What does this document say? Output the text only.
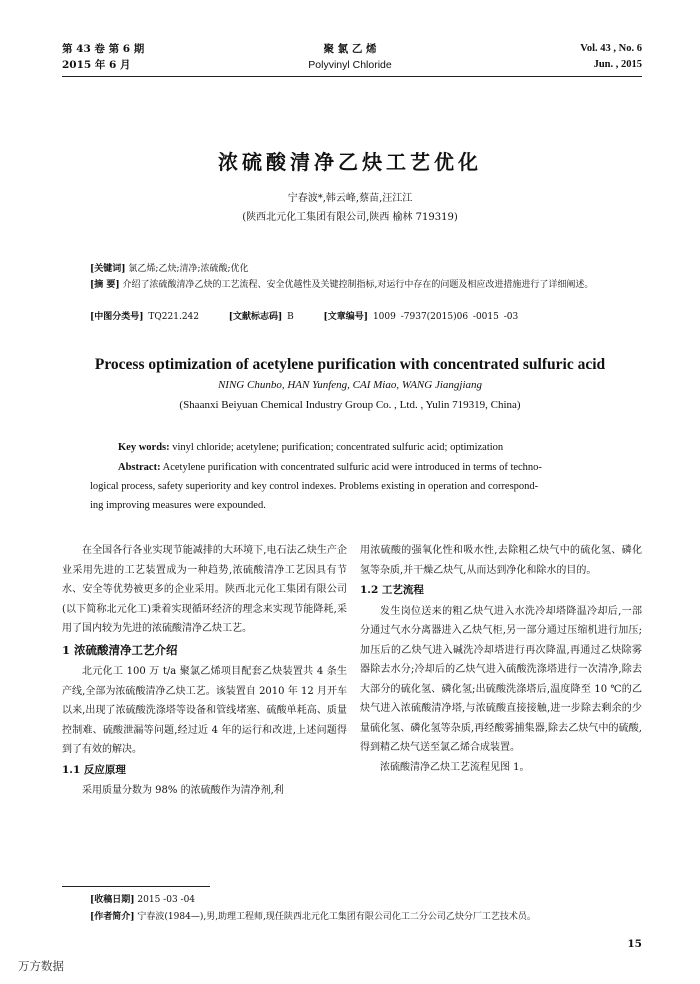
第 43 卷 第 6 期
2015 年 6 月
聚 氯 乙 烯
Polyvinyl Chloride
Vol. 43 , No. 6
Jun. , 2015
浓硫酸清净乙炔工艺优化
宁春波*,韩云峰,蔡苗,汪江江
(陕西北元化工集团有限公司,陕西 榆林 719319)
[关键词] 氯乙烯;乙炔;清净;浓硫酸;优化
[摘 要] 介绍了浓硫酸清净乙炔的工艺流程、安全优越性及关键控制指标,对运行中存在的问题及相应改进措施进行了详细阐述。
[中图分类号] TQ221.242	[文献标志码] B	[文章编号] 1009 -7937(2015)06 -0015 -03
Process optimization of acetylene purification with concentrated sulfuric acid
NING Chunbo, HAN Yunfeng, CAI Miao, WANG Jiangjiang
(Shaanxi Beiyuan Chemical Industry Group Co. , Ltd. , Yulin 719319, China)
Key words: vinyl chloride; acetylene; purification; concentrated sulfuric acid; optimization
Abstract: Acetylene purification with concentrated sulfuric acid were introduced in terms of techno-
logical process, safety superiority and key control indexes. Problems existing in operation and correspond-
ing improving measures were expounded.

在全国各行各业实现节能减排的大环境下,电石法乙炔生产企业采用先进的工艺装置成为一种趋势,浓硫酸清净工艺因具有节水、安全等优势被更多的企业采用。陕西北元化工集团有限公司(以下简称北元化工)秉着实现循环经济的理念来实现节能降耗,采用了国内较为先进的浓硫酸清净乙炔工艺。

1 浓硫酸清净工艺介绍

北元化工 100 万 t/a 聚氯乙烯项目配套乙炔装置共 4 条生产线,全部为浓硫酸清净乙炔工艺。该装置自 2010 年 12 月开车以来,出现了浓硫酸洗涤塔等设备和管线堵塞、硫酸单耗高、质量控制难、硫酸泄漏等问题,经过近 4 年的运行和改进,上述问题得到了有效的解决。

1.1 反应原理

采用质量分数为 98% 的浓硫酸作为清净剂,利

用浓硫酸的强氧化性和吸水性,去除粗乙炔气中的硫化氢、磷化氢等杂质,并干燥乙炔气,从而达到净化和除水的目的。

1.2 工艺流程

发生岗位送来的粗乙炔气进入水洗冷却塔降温冷却后,一部分通过气水分离器进入乙炔气柜,另一部分通过压缩机进行加压;加压后的乙炔气进入碱洗冷却塔进行再次降温,再通过乙炔除雾器除去水分;冷却后的乙炔气进入硫酸洗涤塔进行一次清净,除去大部分的硫化氢、磷化氢;出硫酸洗涤塔后,温度降至 10 ℃的乙炔气进入浓硫酸清净塔,与浓硫酸直接接触,进一步除去剩余的少量硫化氢、磷化氢等杂质,再经酸雾捕集器,除去乙炔气中的硫酸,得到精乙炔气送至氯乙烯合成装置。

浓硫酸清净乙炔工艺流程见图 1。

[收稿日期] 2015 -03 -04
[作者简介] 宁春波(1984—),男,助理工程师,现任陕西北元化工集团有限公司化工二分公司乙炔分厂工艺技术员。
15
万方数据
